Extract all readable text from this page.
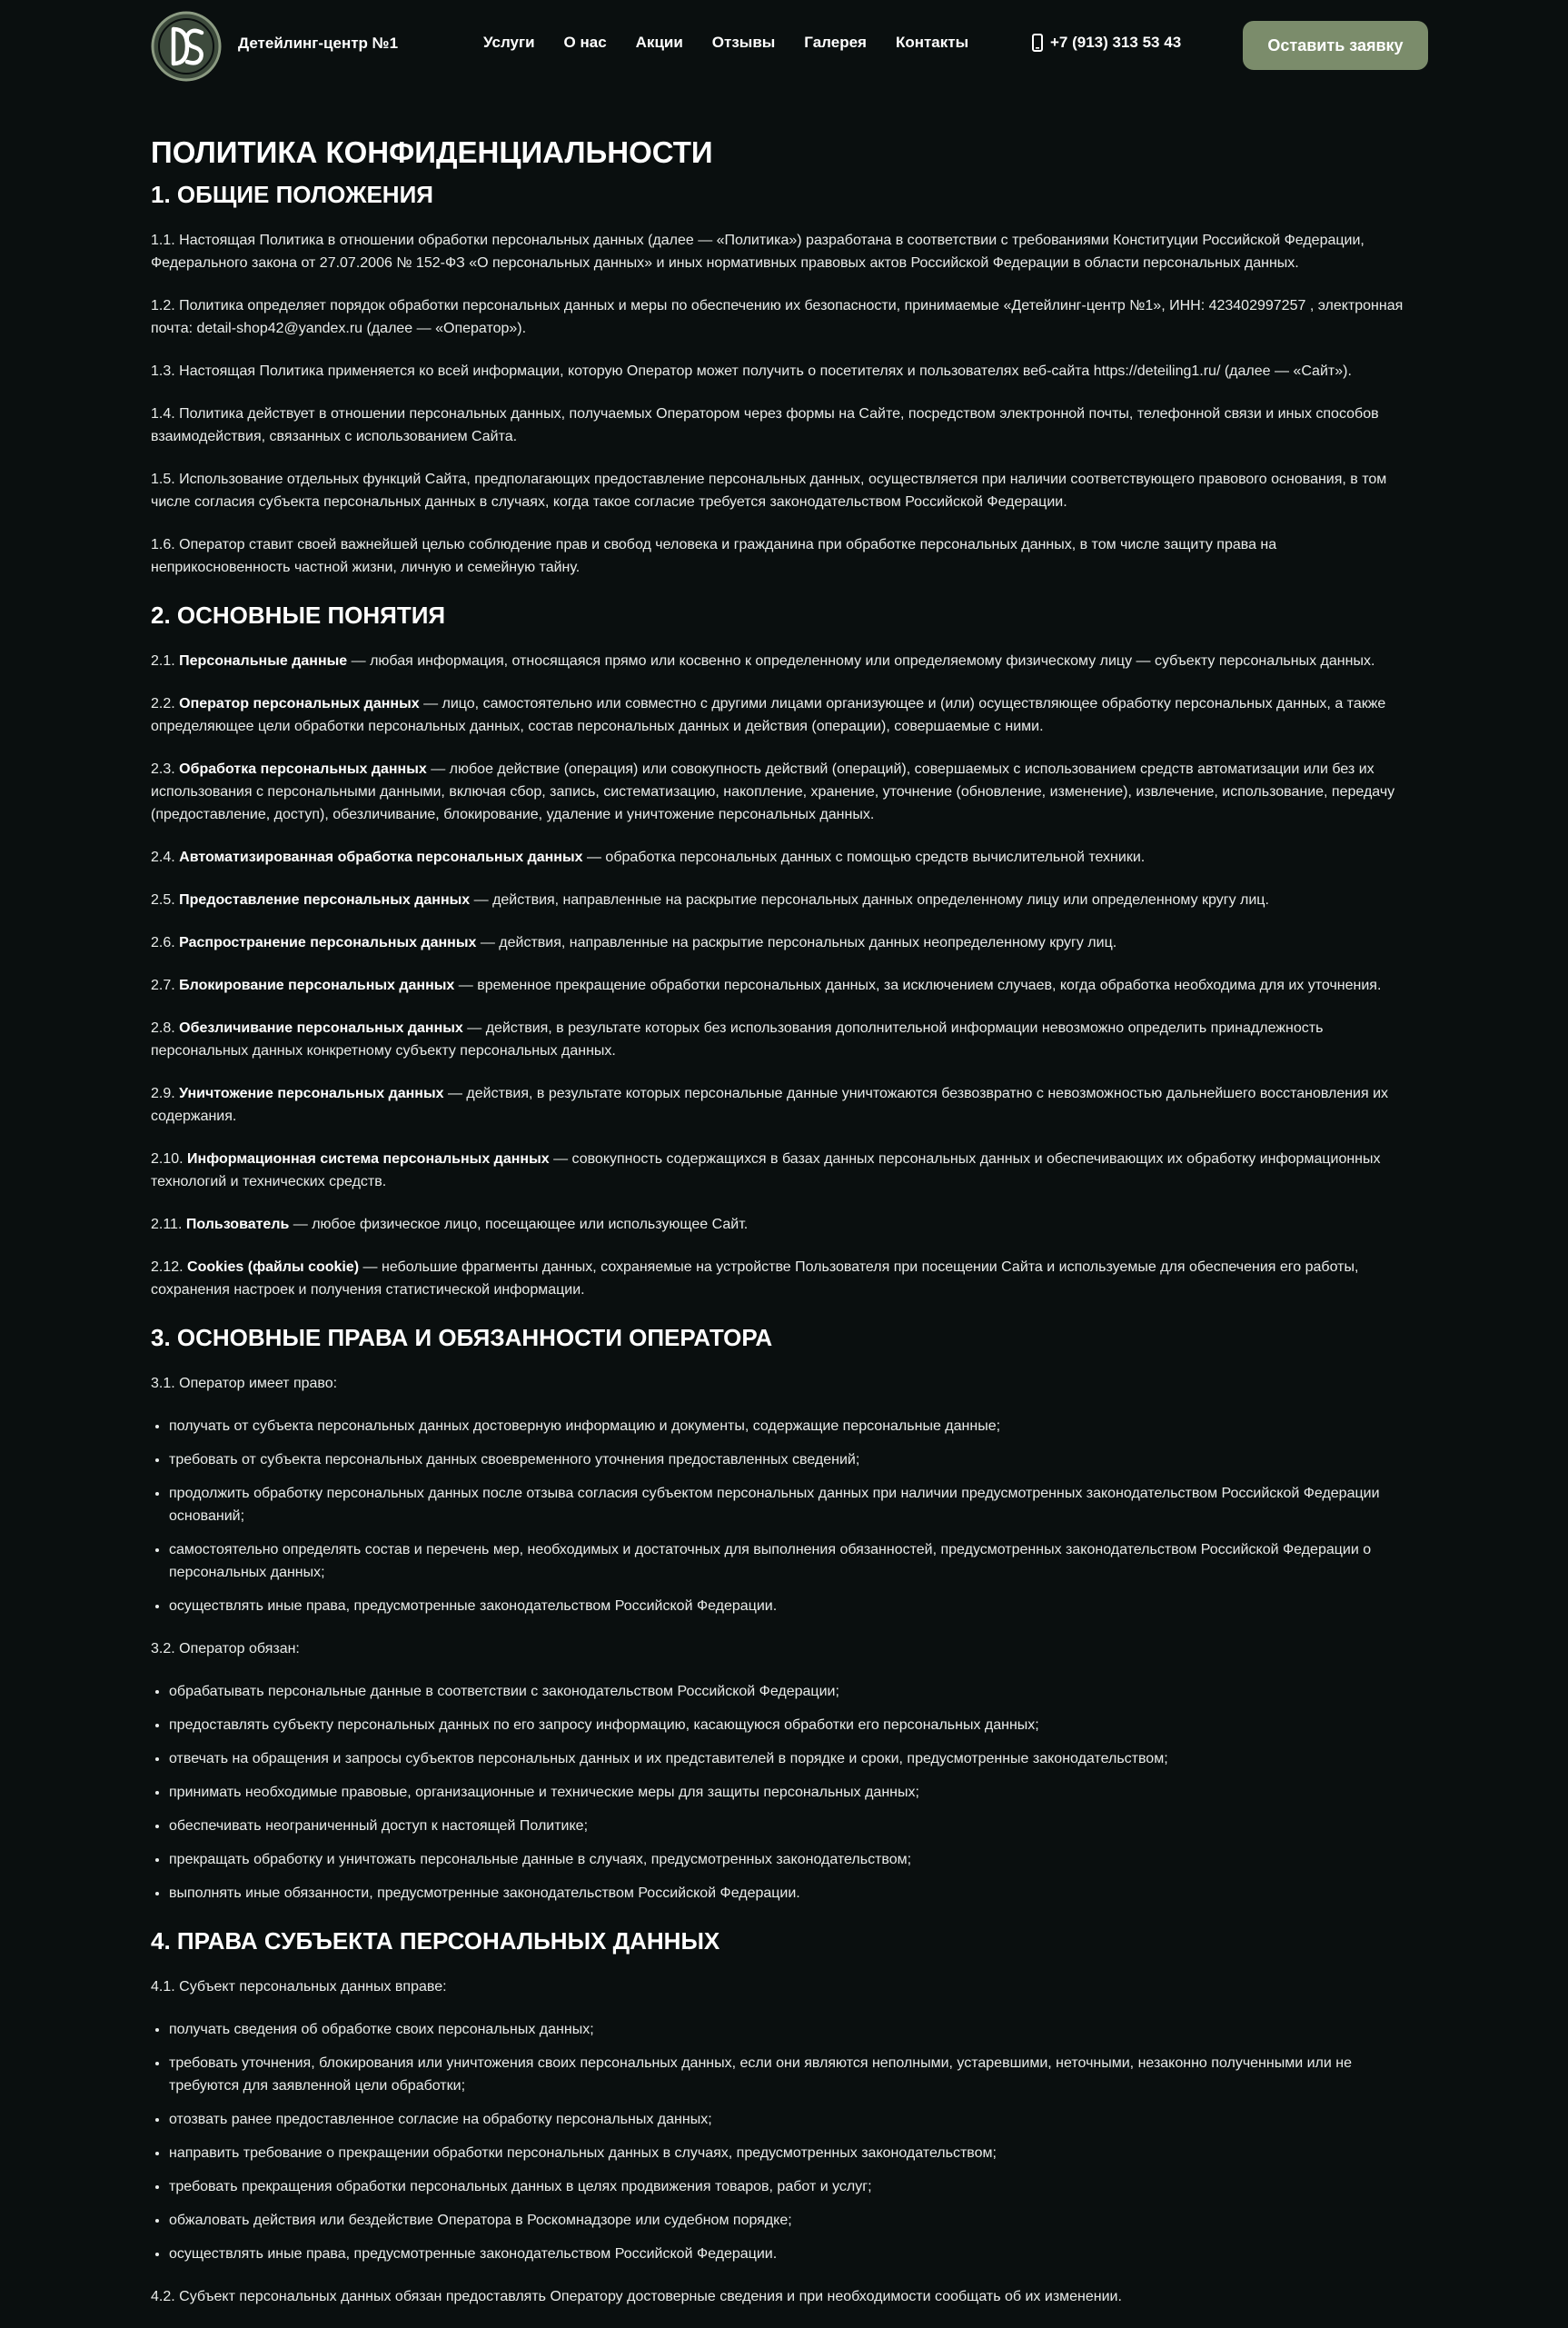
Детейлинг-центр №1	Услуги О нас Акции Отзывы Галерея Контакты	+7 (913) 313 53 43	Оставить заявку
ПОЛИТИКА КОНФИДЕНЦИАЛЬНОСТИ
1. ОБЩИЕ ПОЛОЖЕНИЯ

1.1. Настоящая Политика в отношении обработки персональных данных (далее — «Политика») разработана в соответствии с требованиями Конституции Российской Федерации, Федерального закона от 27.07.2006 № 152-ФЗ «О персональных данных» и иных нормативных правовых актов Российской Федерации в области персональных данных.

1.2. Политика определяет порядок обработки персональных данных и меры по обеспечению их безопасности, принимаемые «Детейлинг-центр №1», ИНН: 423402997257 , электронная почта: detail-shop42@yandex.ru (далее — «Оператор»).

1.3. Настоящая Политика применяется ко всей информации, которую Оператор может получить о посетителях и пользователях веб-сайта https://deteiling1.ru/ (далее — «Сайт»).

1.4. Политика действует в отношении персональных данных, получаемых Оператором через формы на Сайте, посредством электронной почты, телефонной связи и иных способов взаимодействия, связанных с использованием Сайта.

1.5. Использование отдельных функций Сайта, предполагающих предоставление персональных данных, осуществляется при наличии соответствующего правового основания, в том числе согласия субъекта персональных данных в случаях, когда такое согласие требуется законодательством Российской Федерации.

1.6. Оператор ставит своей важнейшей целью соблюдение прав и свобод человека и гражданина при обработке персональных данных, в том числе защиту права на неприкосновенность частной жизни, личную и семейную тайну.

2. ОСНОВНЫЕ ПОНЯТИЯ

2.1. Персональные данные — любая информация, относящаяся прямо или косвенно к определенному или определяемому физическому лицу — субъекту персональных данных.

2.2. Оператор персональных данных — лицо, самостоятельно или совместно с другими лицами организующее и (или) осуществляющее обработку персональных данных, а также определяющее цели обработки персональных данных, состав персональных данных и действия (операции), совершаемые с ними.

2.3. Обработка персональных данных — любое действие (операция) или совокупность действий (операций), совершаемых с использованием средств автоматизации или без их использования с персональными данными, включая сбор, запись, систематизацию, накопление, хранение, уточнение (обновление, изменение), извлечение, использование, передачу (предоставление, доступ), обезличивание, блокирование, удаление и уничтожение персональных данных.

2.4. Автоматизированная обработка персональных данных — обработка персональных данных с помощью средств вычислительной техники.

2.5. Предоставление персональных данных — действия, направленные на раскрытие персональных данных определенному лицу или определенному кругу лиц.

2.6. Распространение персональных данных — действия, направленные на раскрытие персональных данных неопределенному кругу лиц.

2.7. Блокирование персональных данных — временное прекращение обработки персональных данных, за исключением случаев, когда обработка необходима для их уточнения.

2.8. Обезличивание персональных данных — действия, в результате которых без использования дополнительной информации невозможно определить принадлежность персональных данных конкретному субъекту персональных данных.

2.9. Уничтожение персональных данных — действия, в результате которых персональные данные уничтожаются безвозвратно с невозможностью дальнейшего восстановления их содержания.

2.10. Информационная система персональных данных — совокупность содержащихся в базах данных персональных данных и обеспечивающих их обработку информационных технологий и технических средств.

2.11. Пользователь — любое физическое лицо, посещающее или использующее Сайт.

2.12. Cookies (файлы cookie) — небольшие фрагменты данных, сохраняемые на устройстве Пользователя при посещении Сайта и используемые для обеспечения его работы, сохранения настроек и получения статистической информации.

3. ОСНОВНЫЕ ПРАВА И ОБЯЗАННОСТИ ОПЕРАТОРА

3.1. Оператор имеет право:

• получать от субъекта персональных данных достоверную информацию и документы, содержащие персональные данные;
• требовать от субъекта персональных данных своевременного уточнения предоставленных сведений;
• продолжить обработку персональных данных после отзыва согласия субъектом персональных данных при наличии предусмотренных законодательством Российской Федерации оснований;
• самостоятельно определять состав и перечень мер, необходимых и достаточных для выполнения обязанностей, предусмотренных законодательством Российской Федерации о персональных данных;
• осуществлять иные права, предусмотренные законодательством Российской Федерации.

3.2. Оператор обязан:

• обрабатывать персональные данные в соответствии с законодательством Российской Федерации;
• предоставлять субъекту персональных данных по его запросу информацию, касающуюся обработки его персональных данных;
• отвечать на обращения и запросы субъектов персональных данных и их представителей в порядке и сроки, предусмотренные законодательством;
• принимать необходимые правовые, организационные и технические меры для защиты персональных данных;
• обеспечивать неограниченный доступ к настоящей Политике;
• прекращать обработку и уничтожать персональные данные в случаях, предусмотренных законодательством;
• выполнять иные обязанности, предусмотренные законодательством Российской Федерации.
4. ПРАВА СУБЪЕКТА ПЕРСОНАЛЬНЫХ ДАННЫХ

4.1. Субъект персональных данных вправе:

• получать сведения об обработке своих персональных данных;
• требовать уточнения, блокирования или уничтожения своих персональных данных, если они являются неполными, устаревшими, неточными, незаконно полученными или не требуются для заявленной цели обработки;
• отозвать ранее предоставленное согласие на обработку персональных данных;
• направить требование о прекращении обработки персональных данных в случаях, предусмотренных законодательством;
• требовать прекращения обработки персональных данных в целях продвижения товаров, работ и услуг;
• обжаловать действия или бездействие Оператора в Роскомнадзоре или судебном порядке;
• осуществлять иные права, предусмотренные законодательством Российской Федерации.

4.2. Субъект персональных данных обязан предоставлять Оператору достоверные сведения и при необходимости сообщать об их изменении.
